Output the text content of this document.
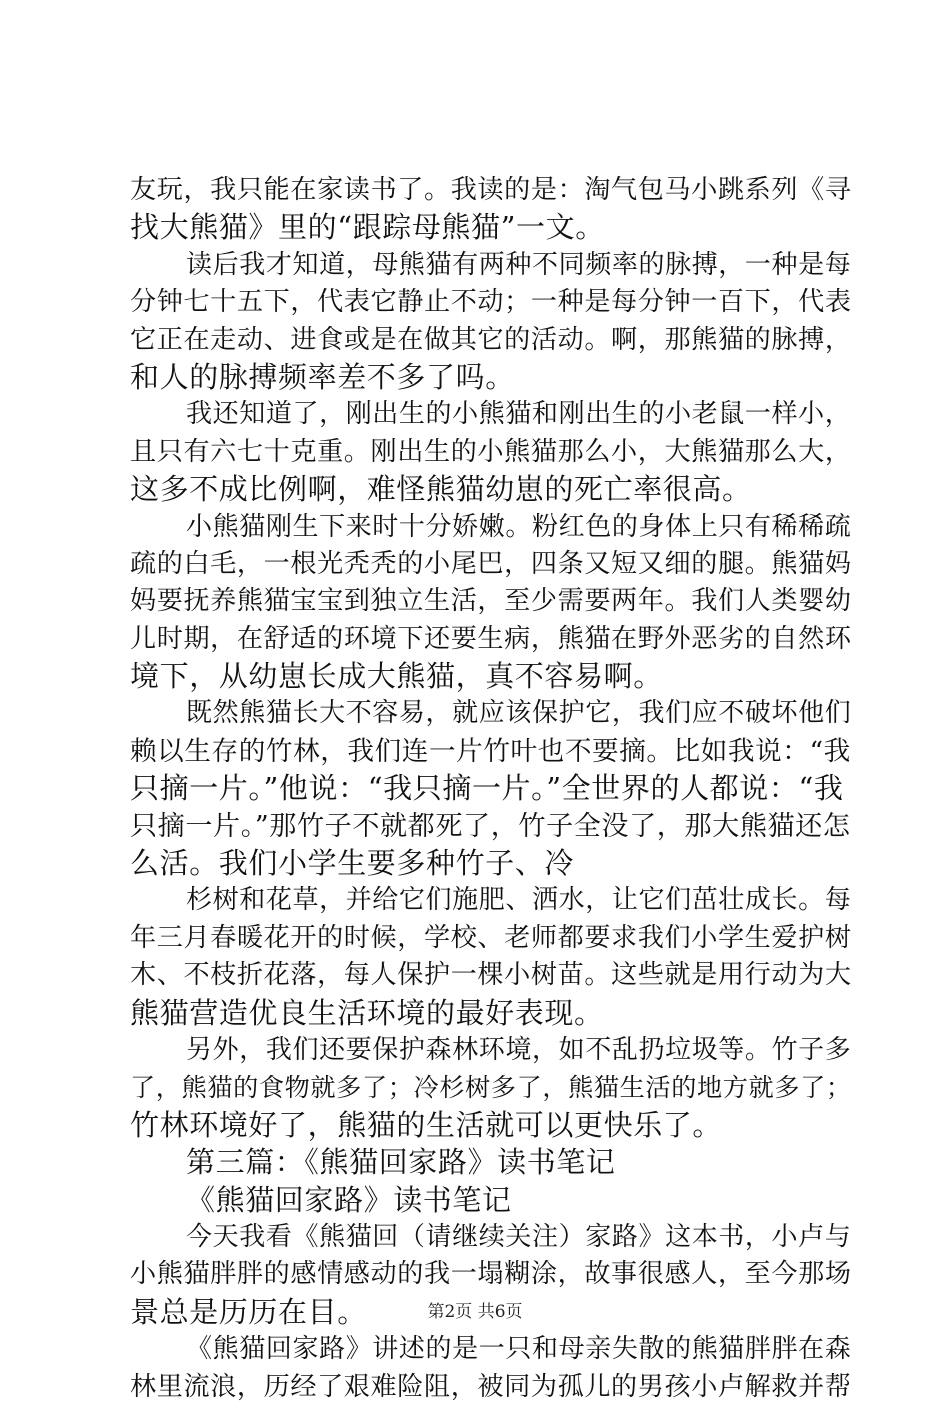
友玩，我只能在家读书了。我读的是：淘气包马小跳系列《寻
找大熊猫》里的“跟踪母熊猫”一文。
读后我才知道，母熊猫有两种不同频率的脉搏，一种是每
分钟七十五下，代表它静止不动；一种是每分钟一百下，代表
它正在走动、进食或是在做其它的活动。啊，那熊猫的脉搏，
和人的脉搏频率差不多了吗。
我还知道了，刚出生的小熊猫和刚出生的小老鼠一样小，
且只有六七十克重。刚出生的小熊猫那么小，大熊猫那么大，
这多不成比例啊，难怪熊猫幼崽的死亡率很高。
小熊猫刚生下来时十分娇嫩。粉红色的身体上只有稀稀疏
疏的白毛，一根光秃秃的小尾巴，四条又短又细的腿。熊猫妈
妈要抚养熊猫宝宝到独立生活，至少需要两年。我们人类婴幼
儿时期，在舒适的环境下还要生病，熊猫在野外恶劣的自然环
境下，从幼崽长成大熊猫，真不容易啊。
既然熊猫长大不容易，就应该保护它，我们应不破坏他们
赖以生存的竹林，我们连一片竹叶也不要摘。比如我说：“我
只摘一片。”他说：“我只摘一片。”全世界的人都说：“我
只摘一片。”那竹子不就都死了，竹子全没了，那大熊猫还怎
么活。我们小学生要多种竹子、冷
杉树和花草，并给它们施肥、洒水，让它们茁壮成长。每
年三月春暖花开的时候，学校、老师都要求我们小学生爱护树
木、不枝折花落，每人保护一棵小树苗。这些就是用行动为大
熊猫营造优良生活环境的最好表现。
另外，我们还要保护森林环境，如不乱扔垃圾等。竹子多
了，熊猫的食物就多了；冷杉树多了，熊猫生活的地方就多了；
竹林环境好了，熊猫的生活就可以更快乐了。
第三篇：《熊猫回家路》读书笔记
《熊猫回家路》读书笔记
今天我看《熊猫回（请继续关注）家路》这本书，小卢与
小熊猫胖胖的感情感动的我一塌糊涂，故事很感人，至今那场
景总是历历在目。
《熊猫回家路》讲述的是一只和母亲失散的熊猫胖胖在森
林里流浪，历经了艰难险阻，被同为孤儿的男孩小卢解救并帮
第2页 共6页
